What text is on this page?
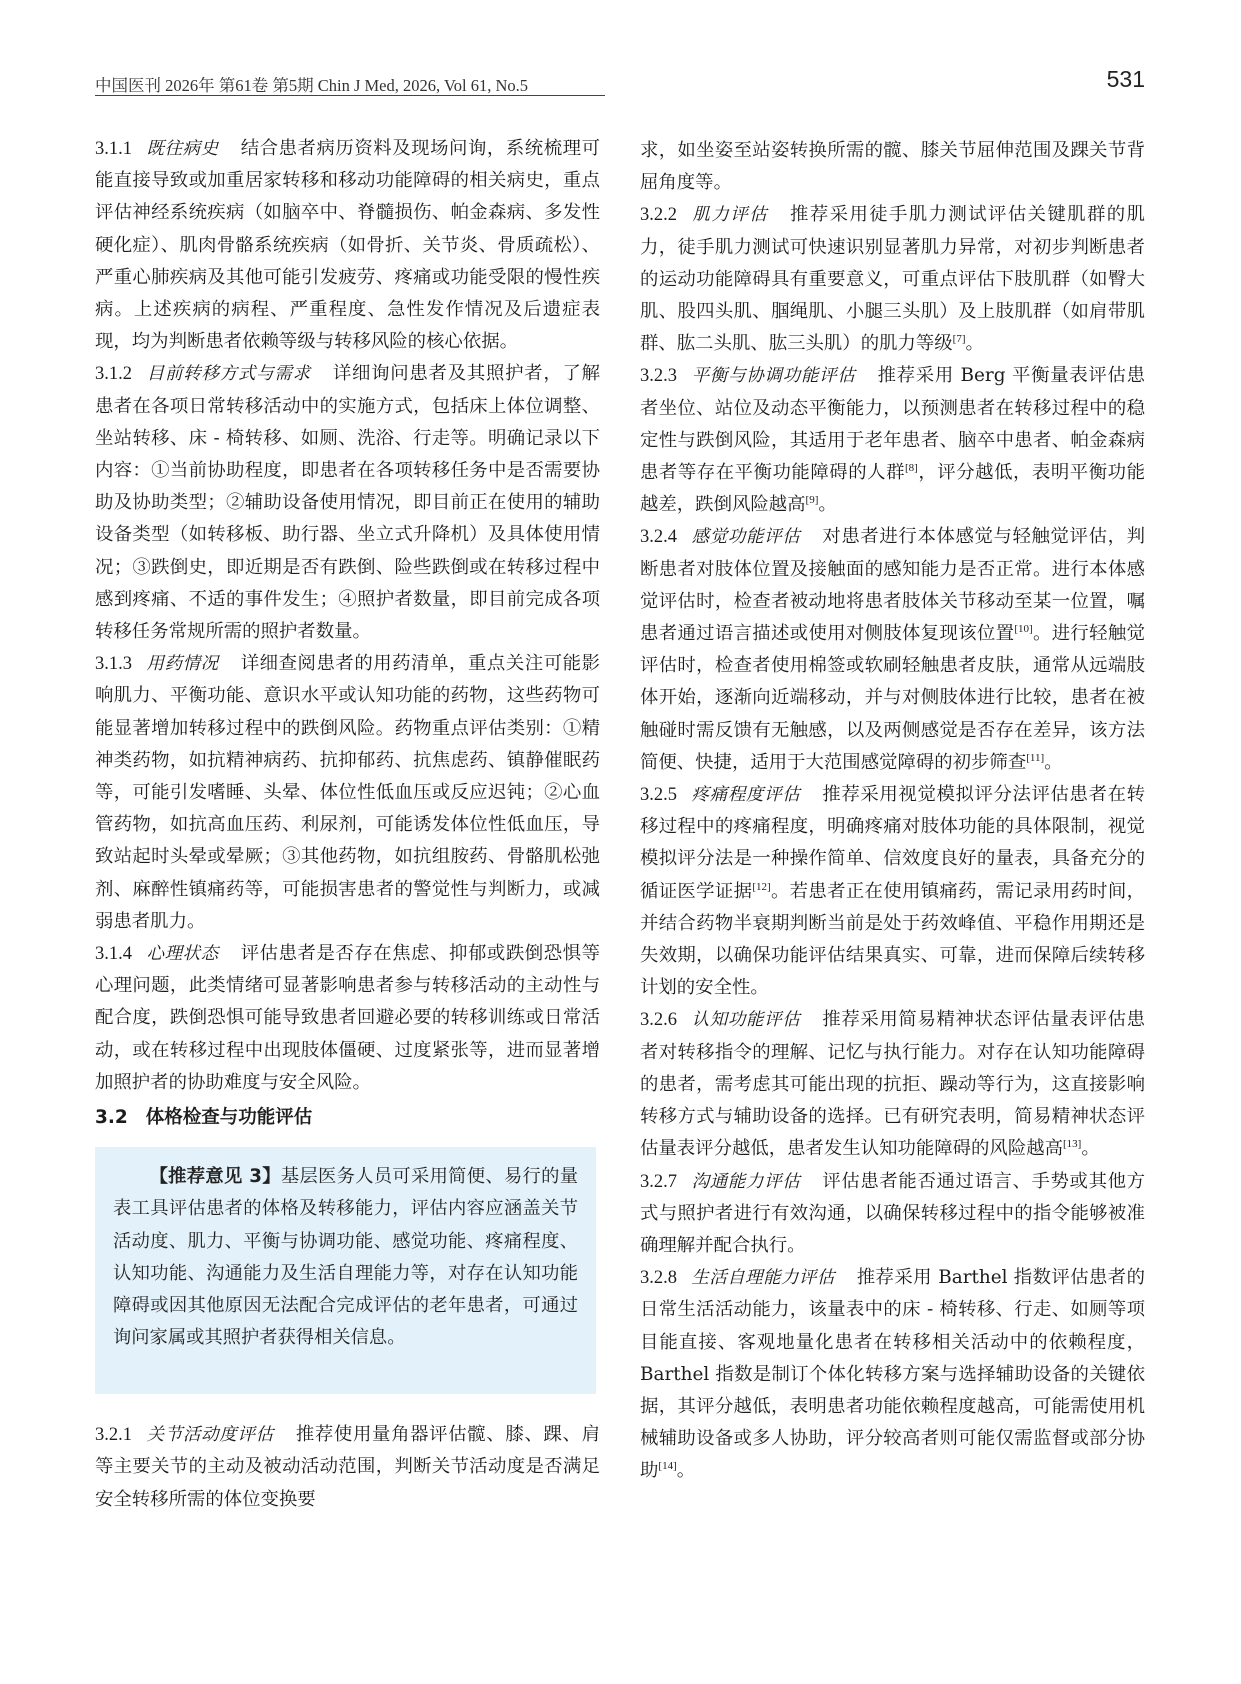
中国医刊 2026年 第61卷 第5期 Chin J Med, 2026, Vol 61, No.5	531

3.1.1 既往病史 结合患者病历资料及现场问询，系统梳理可能直接导致或加重居家转移和移动功能障碍的相关病史，重点评估神经系统疾病（如脑卒中、脊髓损伤、帕金森病、多发性硬化症）、肌肉骨骼系统疾病（如骨折、关节炎、骨质疏松）、严重心肺疾病及其他可能引发疲劳、疼痛或功能受限的慢性疾病。上述疾病的病程、严重程度、急性发作情况及后遗症表现，均为判断患者依赖等级与转移风险的核心依据。

3.1.2 目前转移方式与需求 详细询问患者及其照护者，了解患者在各项日常转移活动中的实施方式，包括床上体位调整、坐站转移、床 - 椅转移、如厕、洗浴、行走等。明确记录以下内容：①当前协助程度，即患者在各项转移任务中是否需要协助及协助类型；②辅助设备使用情况，即目前正在使用的辅助设备类型（如转移板、助行器、坐立式升降机）及具体使用情况；③跌倒史，即近期是否有跌倒、险些跌倒或在转移过程中感到疼痛、不适的事件发生；④照护者数量，即目前完成各项转移任务常规所需的照护者数量。

3.1.3 用药情况 详细查阅患者的用药清单，重点关注可能影响肌力、平衡功能、意识水平或认知功能的药物，这些药物可能显著增加转移过程中的跌倒风险。药物重点评估类别：①精神类药物，如抗精神病药、抗抑郁药、抗焦虑药、镇静催眠药等，可能引发嗜睡、头晕、体位性低血压或反应迟钝；②心血管药物，如抗高血压药、利尿剂，可能诱发体位性低血压，导致站起时头晕或晕厥；③其他药物，如抗组胺药、骨骼肌松弛剂、麻醉性镇痛药等，可能损害患者的警觉性与判断力，或减弱患者肌力。

3.1.4 心理状态 评估患者是否存在焦虑、抑郁或跌倒恐惧等心理问题，此类情绪可显著影响患者参与转移活动的主动性与配合度，跌倒恐惧可能导致患者回避必要的转移训练或日常活动，或在转移过程中出现肢体僵硬、过度紧张等，进而显著增加照护者的协助难度与安全风险。

3.2 体格检查与功能评估

【推荐意见 3】基层医务人员可采用简便、易行的量表工具评估患者的体格及转移能力，评估内容应涵盖关节活动度、肌力、平衡与协调功能、感觉功能、疼痛程度、认知功能、沟通能力及生活自理能力等，对存在认知功能障碍或因其他原因无法配合完成评估的老年患者，可通过询问家属或其照护者获得相关信息。

3.2.1 关节活动度评估 推荐使用量角器评估髋、膝、踝、肩等主要关节的主动及被动活动范围，判断关节活动度是否满足安全转移所需的体位变换要

求，如坐姿至站姿转换所需的髋、膝关节屈伸范围及踝关节背屈角度等。

3.2.2 肌力评估 推荐采用徒手肌力测试评估关键肌群的肌力，徒手肌力测试可快速识别显著肌力异常，对初步判断患者的运动功能障碍具有重要意义，可重点评估下肢肌群（如臀大肌、股四头肌、腘绳肌、小腿三头肌）及上肢肌群（如肩带肌群、肱二头肌、肱三头肌）的肌力等级[7]。

3.2.3 平衡与协调功能评估 推荐采用 Berg 平衡量表评估患者坐位、站位及动态平衡能力，以预测患者在转移过程中的稳定性与跌倒风险，其适用于老年患者、脑卒中患者、帕金森病患者等存在平衡功能障碍的人群[8]，评分越低，表明平衡功能越差，跌倒风险越高[9]。

3.2.4 感觉功能评估 对患者进行本体感觉与轻触觉评估，判断患者对肢体位置及接触面的感知能力是否正常。进行本体感觉评估时，检查者被动地将患者肢体关节移动至某一位置，嘱患者通过语言描述或使用对侧肢体复现该位置[10]。进行轻触觉评估时，检查者使用棉签或软刷轻触患者皮肤，通常从远端肢体开始，逐渐向近端移动，并与对侧肢体进行比较，患者在被触碰时需反馈有无触感，以及两侧感觉是否存在差异，该方法简便、快捷，适用于大范围感觉障碍的初步筛查[11]。

3.2.5 疼痛程度评估 推荐采用视觉模拟评分法评估患者在转移过程中的疼痛程度，明确疼痛对肢体功能的具体限制，视觉模拟评分法是一种操作简单、信效度良好的量表，具备充分的循证医学证据[12]。若患者正在使用镇痛药，需记录用药时间，并结合药物半衰期判断当前是处于药效峰值、平稳作用期还是失效期，以确保功能评估结果真实、可靠，进而保障后续转移计划的安全性。

3.2.6 认知功能评估 推荐采用简易精神状态评估量表评估患者对转移指令的理解、记忆与执行能力。对存在认知功能障碍的患者，需考虑其可能出现的抗拒、躁动等行为，这直接影响转移方式与辅助设备的选择。已有研究表明，简易精神状态评估量表评分越低，患者发生认知功能障碍的风险越高[13]。

3.2.7 沟通能力评估 评估患者能否通过语言、手势或其他方式与照护者进行有效沟通，以确保转移过程中的指令能够被准确理解并配合执行。

3.2.8 生活自理能力评估 推荐采用 Barthel 指数评估患者的日常生活活动能力，该量表中的床 - 椅转移、行走、如厕等项目能直接、客观地量化患者在转移相关活动中的依赖程度，Barthel 指数是制订个体化转移方案与选择辅助设备的关键依据，其评分越低，表明患者功能依赖程度越高，可能需使用机械辅助设备或多人协助，评分较高者则可能仅需监督或部分协助[14]。
